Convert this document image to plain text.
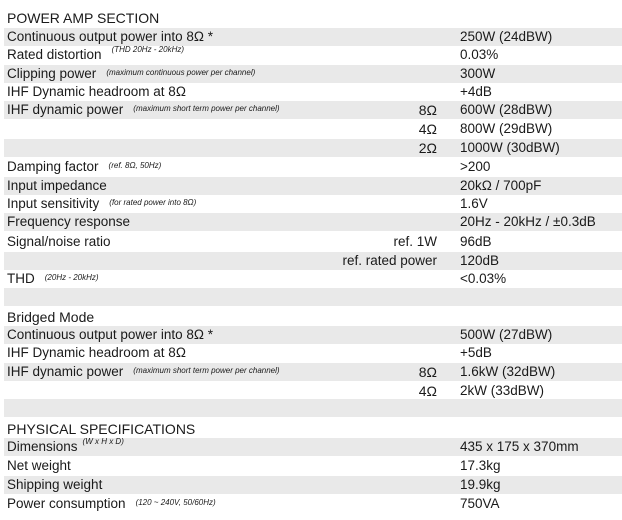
POWER AMP SECTION
Continuous output power into 8Ω *	250W (24dBW)
Rated distortion $^{(THD 20Hz - 20kHz)}$	0.03%
Clipping power (maximum continuous power per channel)	300W
IHF Dynamic headroom at 8Ω	+4dB
IHF dynamic power (maximum short term power per channel)	8Ω 600W (28dBW)
4Ω 800W (29dBW)
2Ω 1000W (30dBW)
Damping factor (ref. 8Ω, 50Hz)	>200
Input impedance	20kΩ / 700pF
Input sensitivity (for rated power into 8Ω)	1.6V
Frequency response	20Hz - 20kHz / ±0.3dB
Signal/noise ratio	ref. 1W 96dB
ref. rated power 120dB
THD (20Hz - 20kHz)	<0.03%
Bridged Mode
Continuous output power into 8Ω *	500W (27dBW)
IHF Dynamic headroom at 8Ω	+5dB
IHF dynamic power (maximum short term power per channel)	8Ω 1.6kW (32dBW)
4Ω 2kW (33dBW)
PHYSICAL SPECIFICATIONS
Dimensions $^{(W x H x D)}$	435 x 175 x 370mm
Net weight	17.3kg
Shipping weight	19.9kg
Power consumption (120 ~ 240V, 50/60Hz)	750VA
